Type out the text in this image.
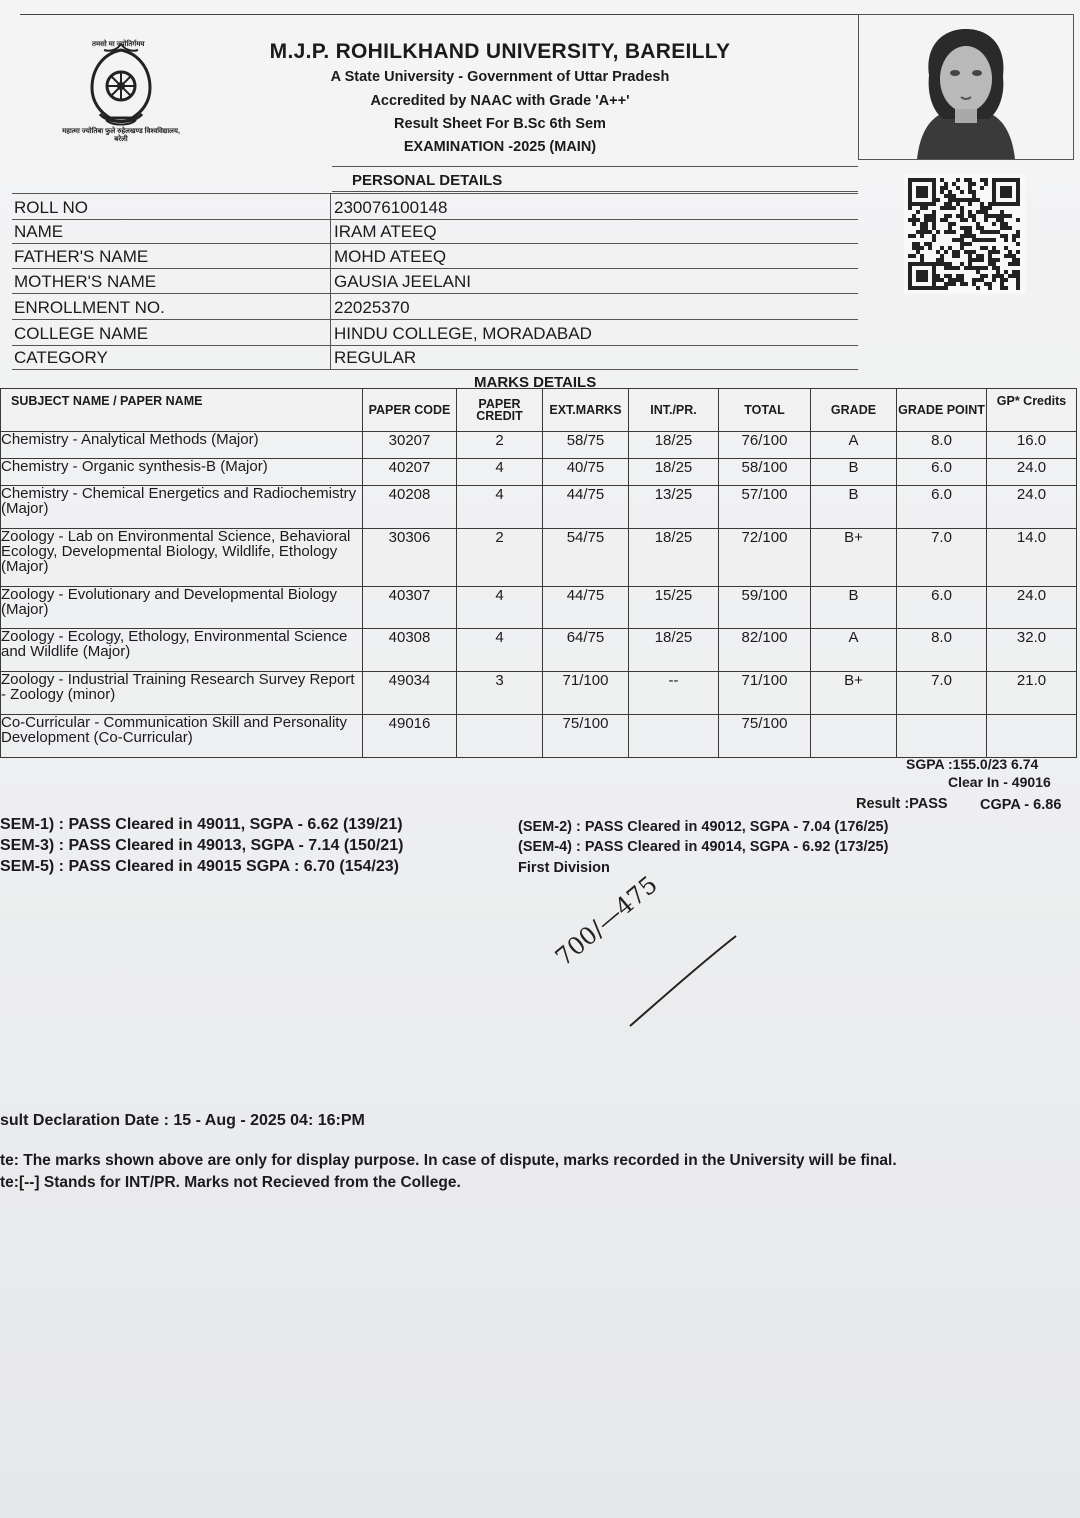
तमसो मा ज्योतिर्गमय
महात्मा ज्योतिबा फुले रुहेलखण्ड विश्वविद्यालय, बरेली
M.J.P. ROHILKHAND UNIVERSITY, BAREILLY
A State University - Government of Uttar Pradesh
Accredited by NAAC with Grade 'A++'
Result Sheet For B.Sc 6th Sem
EXAMINATION -2025 (MAIN)
PERSONAL DETAILS
ROLL NO	230076100148
NAME	IRAM ATEEQ
FATHER'S NAME	MOHD ATEEQ
MOTHER'S NAME	GAUSIA JEELANI
ENROLLMENT NO.	22025370
COLLEGE NAME	HINDU COLLEGE, MORADABAD
CATEGORY	REGULAR
MARKS DETAILS
SUBJECT NAME / PAPER NAME	PAPER CODE	PAPER CREDIT	EXT.MARKS	INT./PR.	TOTAL	GRADE	GRADE POINT	GP* Credits
Chemistry - Analytical Methods (Major)	30207	2	58/75	18/25	76/100	A	8.0	16.0
Chemistry - Organic synthesis-B (Major)	40207	4	40/75	18/25	58/100	B	6.0	24.0
Chemistry - Chemical Energetics and Radiochemistry (Major)	40208	4	44/75	13/25	57/100	B	6.0	24.0
Zoology - Lab on Environmental Science, Behavioral Ecology, Developmental Biology, Wildlife, Ethology (Major)	30306	2	54/75	18/25	72/100	B+	7.0	14.0
Zoology - Evolutionary and Developmental Biology (Major)	40307	4	44/75	15/25	59/100	B	6.0	24.0
Zoology - Ecology, Ethology, Environmental Science and Wildlife (Major)	40308	4	64/75	18/25	82/100	A	8.0	32.0
Zoology - Industrial Training Research Survey Report - Zoology (minor)	49034	3	71/100	--	71/100	B+	7.0	21.0
Co-Curricular - Communication Skill and Personality Development (Co-Curricular)	49016		75/100		75/100			
SGPA :155.0/23 6.74
Clear In - 49016
Result :PASS CGPA - 6.86
SEM-1) : PASS Cleared in 49011, SGPA - 6.62 (139/21)
SEM-3) : PASS Cleared in 49013, SGPA - 7.14 (150/21)
SEM-5) : PASS Cleared in 49015 SGPA : 6.70 (154/23)
(SEM-2) : PASS Cleared in 49012, SGPA - 7.04 (176/25)
(SEM-4) : PASS Cleared in 49014, SGPA - 6.92 (173/25)
First Division
700/—475
sult Declaration Date : 15 - Aug - 2025 04: 16:PM
te: The marks shown above are only for display purpose. In case of dispute, marks recorded in the University will be final.
te:[--] Stands for INT/PR. Marks not Recieved from the College.
